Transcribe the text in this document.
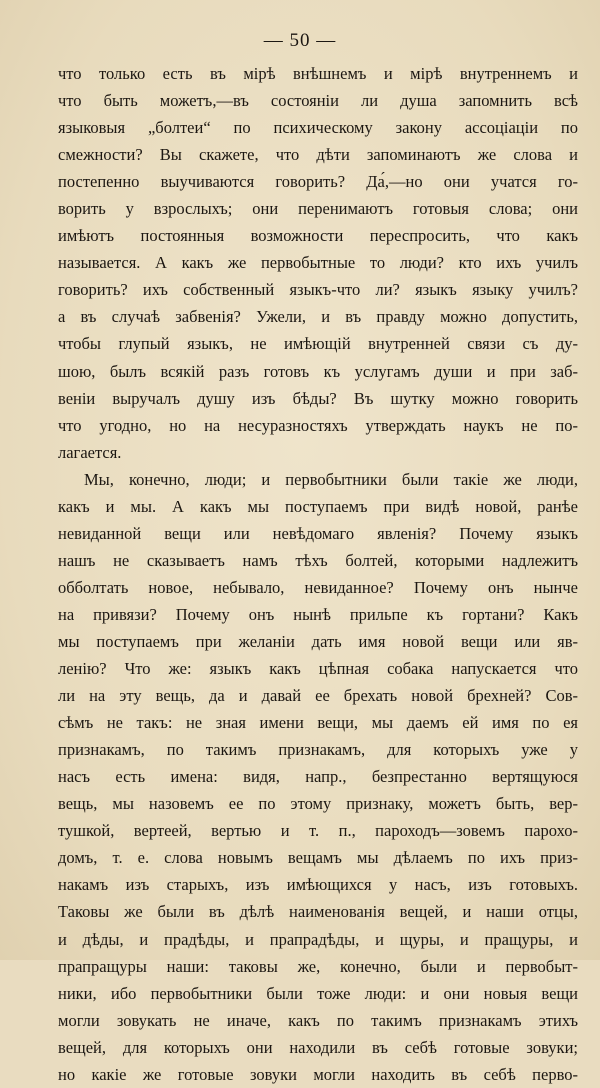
— 50 —
что только есть въ мірѣ внѣшнемъ и мірѣ внутреннемъ и
что быть можетъ,—въ состояніи ли душа запомнить всѣ
языковыя „болтеи“ по психическому закону ассоціаціи по
смежности? Вы скажете, что дѣти запоминаютъ же слова и
постепенно выучиваются говорить? Да́,—но они учатся го-
ворить у взрослыхъ; они перенимаютъ готовыя слова; они
имѣютъ постоянныя возможности переспросить, что какъ
называется. А какъ же первобытные то люди? кто ихъ училъ
говорить? ихъ собственный языкъ-что ли? языкъ языку училъ?
а въ случаѣ забвенія? Ужели, и въ правду можно допустить,
чтобы глупый языкъ, не имѣющій внутренней связи съ ду-
шою, былъ всякій разъ готовъ къ услугамъ души и при заб-
веніи выручалъ душу изъ бѣды? Въ шутку можно говорить
что угодно, но на несуразностяхъ утверждать наукъ не по-
лагается.
Мы, конечно, люди; и первобытники были такіе же люди,
какъ и мы. А какъ мы поступаемъ при видѣ новой, ранѣе
невиданной вещи или невѣдомаго явленія? Почему языкъ
нашъ не сказываетъ намъ тѣхъ болтей, которыми надлежитъ
обболтать новое, небывало, невиданное? Почему онъ нынче
на привязи? Почему онъ нынѣ прильпе къ гортани? Какъ
мы поступаемъ при желаніи дать имя новой вещи или яв-
ленію? Что же: языкъ какъ цѣпная собака напускается что
ли на эту вещь, да и давай ее брехать новой брехней? Сов-
сѣмъ не такъ: не зная имени вещи, мы даемъ ей имя по ея
признакамъ, по такимъ признакамъ, для которыхъ уже у
насъ есть имена: видя, напр., безпрестанно вертящуюся
вещь, мы назовемъ ее по этому признаку, можетъ быть, вер-
тушкой, вертеей, вертью и т. п., пароходъ—зовемъ парохо-
домъ, т. е. слова новымъ вещамъ мы дѣлаемъ по ихъ приз-
накамъ изъ старыхъ, изъ имѣющихся у насъ, изъ готовыхъ.
Таковы же были въ дѣлѣ наименованія вещей, и наши отцы,
и дѣды, и прадѣды, и прапрадѣды, и щуры, и пращуры, и
прапращуры наши: таковы же, конечно, были и первобыт-
ники, ибо первобытники были тоже люди: и они новыя вещи
могли зовукать не иначе, какъ по такимъ признакамъ этихъ
вещей, для которыхъ они находили въ себѣ готовые зовуки;
но какіе же готовые зовуки могли находить въ себѣ перво-
